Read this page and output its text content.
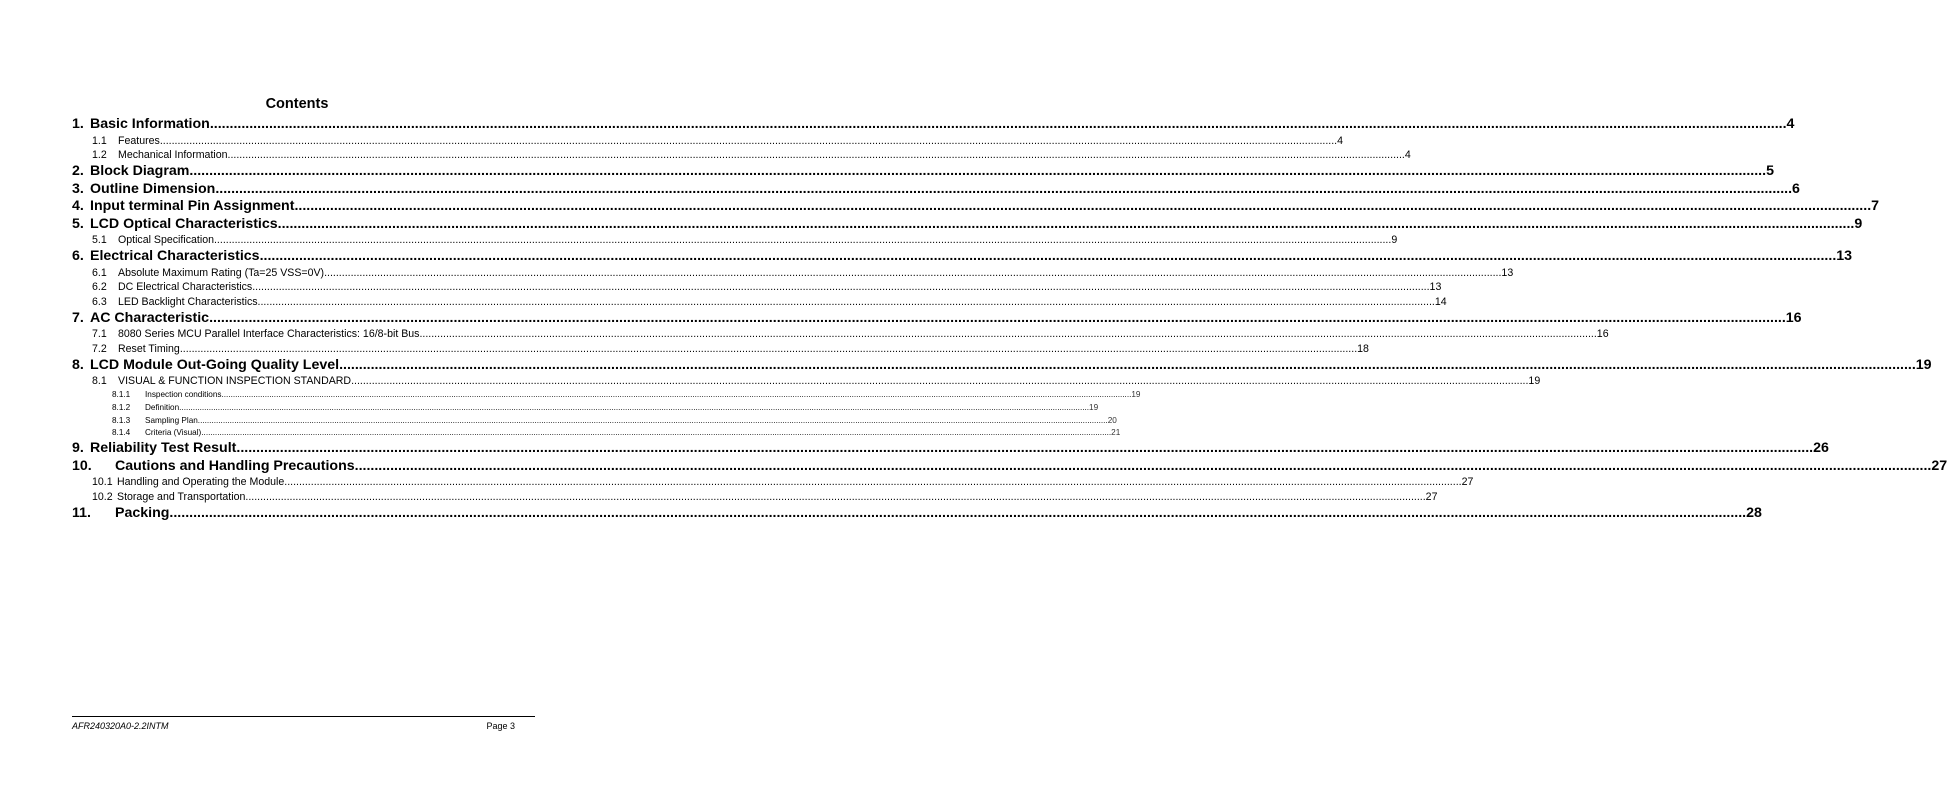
Contents
1. Basic Information ................................................................................................................................................................................................................................................................................................................................................................................................................ 4
1.1	Features ................................................................................................................................................................................................................................................................................................................................................................................................................ 4
1.2	Mechanical Information ................................................................................................................................................................................................................................................................................................................................................................................................................ 4
2. Block Diagram ................................................................................................................................................................................................................................................................................................................................................................................................................ 5
3. Outline Dimension ................................................................................................................................................................................................................................................................................................................................................................................................................ 6
4. Input terminal Pin Assignment ................................................................................................................................................................................................................................................................................................................................................................................................................ 7
5. LCD Optical Characteristics ................................................................................................................................................................................................................................................................................................................................................................................................................ 9
5.1	Optical Specification ................................................................................................................................................................................................................................................................................................................................................................................................................ 9
6. Electrical Characteristics ................................................................................................................................................................................................................................................................................................................................................................................................................ 13
6.1	Absolute Maximum Rating (Ta=25 VSS=0V) ................................................................................................................................................................................................................................................................................................................................................................................................................ 13
6.2	DC Electrical Characteristics ................................................................................................................................................................................................................................................................................................................................................................................................................ 13
6.3	LED Backlight Characteristics ................................................................................................................................................................................................................................................................................................................................................................................................................ 14
7. AC Characteristic ................................................................................................................................................................................................................................................................................................................................................................................................................ 16
7.1	8080 Series MCU Parallel Interface Characteristics: 16/8-bit Bus ................................................................................................................................................................................................................................................................................................................................................................................................................ 16
7.2	Reset Timing ................................................................................................................................................................................................................................................................................................................................................................................................................ 18
8. LCD Module Out-Going Quality Level ................................................................................................................................................................................................................................................................................................................................................................................................................ 19
8.1	VISUAL & FUNCTION INSPECTION STANDARD ................................................................................................................................................................................................................................................................................................................................................................................................................ 19
8.1.1	Inspection conditions ................................................................................................................................................................................................................................................................................................................................................................................................................ 19
8.1.2	Definition ................................................................................................................................................................................................................................................................................................................................................................................................................ 19
8.1.3	Sampling Plan ................................................................................................................................................................................................................................................................................................................................................................................................................ 20
8.1.4	Criteria (Visual) ................................................................................................................................................................................................................................................................................................................................................................................................................ 21
9. Reliability Test Result ................................................................................................................................................................................................................................................................................................................................................................................................................ 26
10.	Cautions and Handling Precautions ................................................................................................................................................................................................................................................................................................................................................................................................................ 27
10.1 Handling and Operating the Module ................................................................................................................................................................................................................................................................................................................................................................................................................ 27
10.2 Storage and Transportation. ................................................................................................................................................................................................................................................................................................................................................................................................................ 27
11.	Packing ................................................................................................................................................................................................................................................................................................................................................................................................................ 28
AFR240320A0-2.2INTM	Page 3
